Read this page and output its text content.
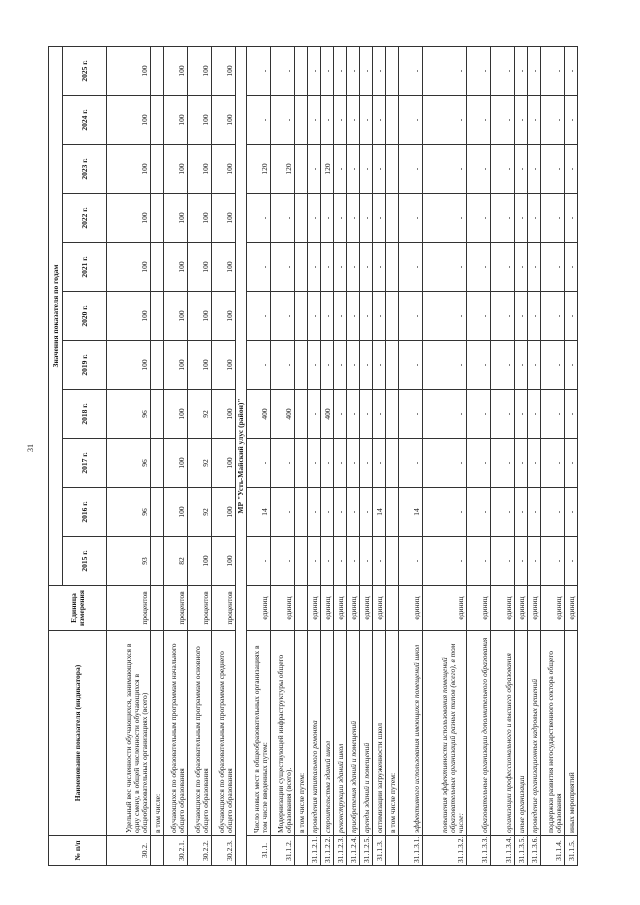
31
№ п/п	Наименование показателя (индикатора)	Единица измерения	Значения показателя по годам										
			2015 г.	2016 г.	2017 г.	2018 г.	2019 г.	2020 г.	2021 г.	2022 г.	2023 г.	2024 г.	2025 г.
30.2.	Удельный вес численности обучающихся, занимающихся в одну смену, в общей численности обучающихся в общеобразовательных организациях (всего)	процентов	93	96	96	96	100	100	100	100	100	100	100
	в том числе:												
30.2.1.	обучающихся по образовательным программам начального общего образования	процентов	82	100	100	100	100	100	100	100	100	100	100
30.2.2.	обучающихся по образовательным программам основного общего образования	процентов	100	92	92	92	100	100	100	100	100	100	100
30.2.3.	обучающихся по образовательным программам среднего общего образования	процентов	100	100	100	100	100	100	100	100	100	100	100
МР "Усть-Майский улус (район)"													
31.1.	Число новых мест в общеобразовательных организациях в том числе введенных путем:	единиц	-	14	-	400	-	-	-	-	120	-	-
31.1.2.	Модернизации существующей инфраструктуры общего образования (всего).	единиц	-	-	-	400	-	-	-	-	120	-	-
	в том числе путем:												
31.1.2.1.	проведения капитального ремонта	единиц	-	-	-	-	-	-	-	-	-	-	-
31.1.2.2.	строительства зданий школ	единиц	-	-	-	400	-	-	-	-	120	-	-
31.1.2.3.	реконструкции зданий школ	единиц	-	-	-	-	-	-	-	-	-	-	-
31.1.2.4.	приобретения зданий и помещений	единиц	-	-	-	-	-	-	-	-	-	-	-
31.1.2.5.	аренды зданий и помещений	единиц	-	-	-	-	-	-	-	-	-	-	-
31.1.3.	оптимизации загруженности школ	единиц	-	14	-	-	-	-	-	-	-	-	-
	в том числе путем:												
31.1.3.1.	эффективного использования имеющихся помещений школ	единиц	-	14	-	-	-	-	-	-	-	-	-
31.1.3.2.	повышения эффективности использования помещений образовательных организаций разных типов (всего), в том числе:	единиц	-	-	-	-	-	-	-	-	-	-	-
31.1.3.3.	образовательные организации дополнительного образования	единиц	-	-	-	-	-	-	-	-	-	-	-
31.1.3.4.	организации профессионального и высшего образования	единиц	-	-	-	-	-	-	-	-	-	-	-
31.1.3.5.	иные организации	единиц	-	-	-	-	-	-	-	-	-	-	-
31.1.3.6.	проведение организационных кадровых решений	единиц	-	-	-	-	-	-	-	-	-	-	-
31.1.4.	поддержки развития негосударственного сектора общего образования	единиц	-	-	-	-	-	-	-	-	-	-	-
31.1.5.	иных мероприятий	единиц	-	-	-	-	-	-	-	-	-	-	-
